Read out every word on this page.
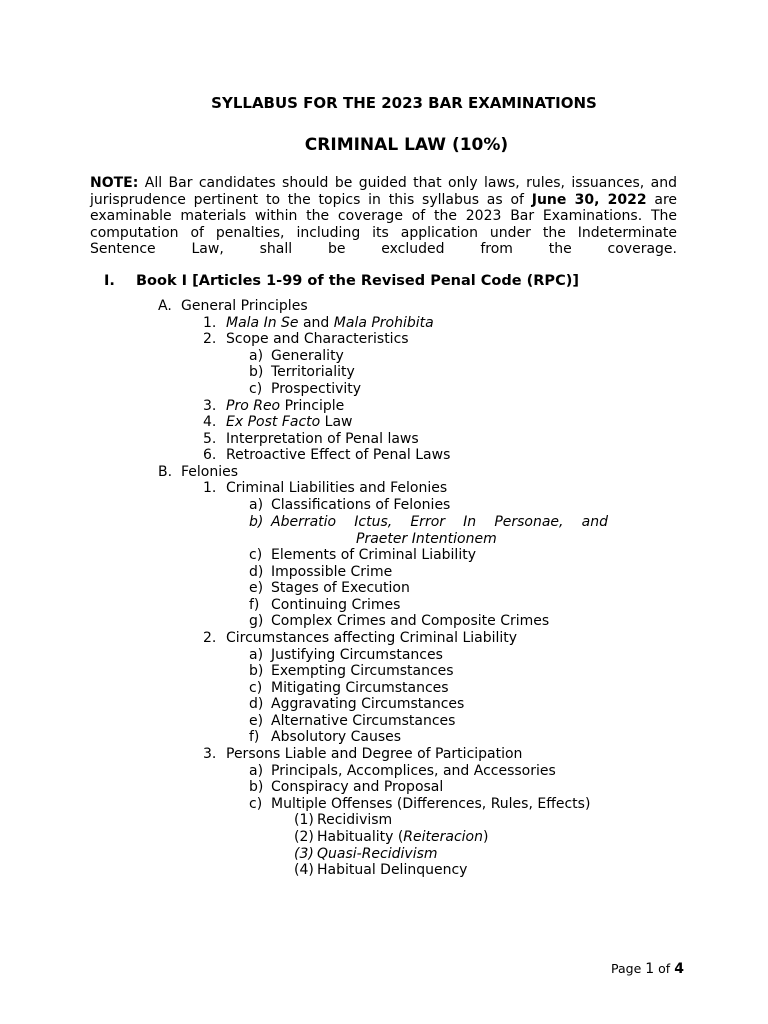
SYLLABUS FOR THE 2023 BAR EXAMINATIONS
CRIMINAL LAW (10%)

NOTE: All Bar candidates should be guided that only laws, rules, issuances, and jurisprudence pertinent to the topics in this syllabus as of June 30, 2022 are examinable materials within the coverage of the 2023 Bar Examinations. The computation of penalties, including its application under the Indeterminate Sentence Law, shall be excluded from the coverage.

I. Book I [Articles 1-99 of the Revised Penal Code (RPC)]
A. General Principles
1. Mala In Se and Mala Prohibita
2. Scope and Characteristics
a) Generality
b) Territoriality
c) Prospectivity
3. Pro Reo Principle
4. Ex Post Facto Law
5. Interpretation of Penal laws
6. Retroactive Effect of Penal Laws
B. Felonies
1. Criminal Liabilities and Felonies
a) Classifications of Felonies
b) Aberratio Ictus, Error In Personae, and
Praeter Intentionem
c) Elements of Criminal Liability
d) Impossible Crime
e) Stages of Execution
f) Continuing Crimes
g) Complex Crimes and Composite Crimes
2. Circumstances affecting Criminal Liability
a) Justifying Circumstances
b) Exempting Circumstances
c) Mitigating Circumstances
d) Aggravating Circumstances
e) Alternative Circumstances
f) Absolutory Causes
3. Persons Liable and Degree of Participation
a) Principals, Accomplices, and Accessories
b) Conspiracy and Proposal
c) Multiple Offenses (Differences, Rules, Effects)
(1) Recidivism
(2) Habituality (Reiteracion)
(3) Quasi-Recidivism
(4) Habitual Delinquency
Page 1 of 4
